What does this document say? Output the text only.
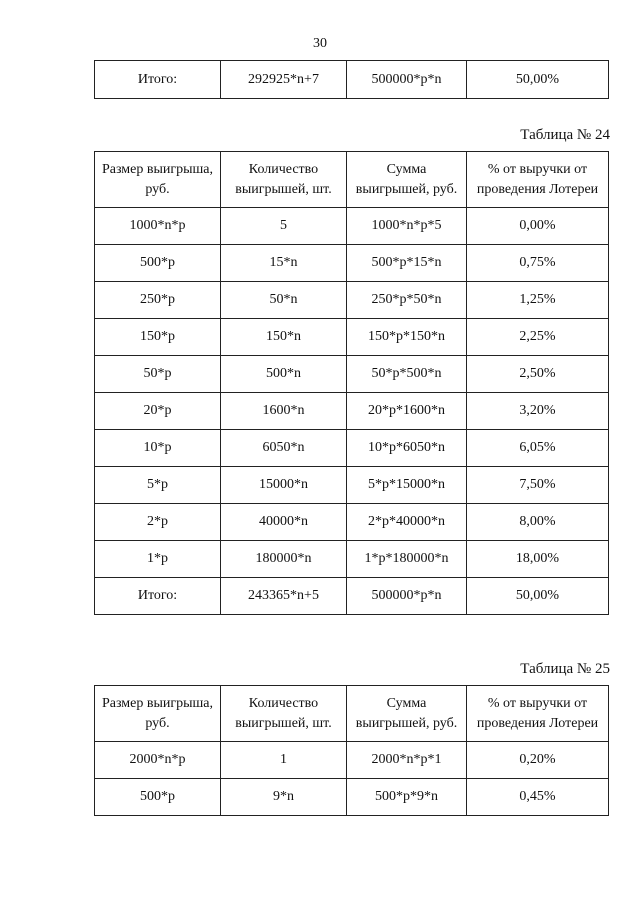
30
Итого:	292925*n+7	500000*p*n	50,00%
Таблица № 24
Размер выигрыша, руб.	Количество выигрышей, шт.	Сумма выигрышей, руб.	% от выручки от проведения Лотереи
1000*n*p	5	1000*n*p*5	0,00%
500*p	15*n	500*p*15*n	0,75%
250*p	50*n	250*p*50*n	1,25%
150*p	150*n	150*p*150*n	2,25%
50*p	500*n	50*p*500*n	2,50%
20*p	1600*n	20*p*1600*n	3,20%
10*p	6050*n	10*p*6050*n	6,05%
5*p	15000*n	5*p*15000*n	7,50%
2*p	40000*n	2*p*40000*n	8,00%
1*p	180000*n	1*p*180000*n	18,00%
Итого:	243365*n+5	500000*p*n	50,00%
Таблица № 25
Размер выигрыша, руб.	Количество выигрышей, шт.	Сумма выигрышей, руб.	% от выручки от проведения Лотереи
2000*n*p	1	2000*n*p*1	0,20%
500*p	9*n	500*p*9*n	0,45%
